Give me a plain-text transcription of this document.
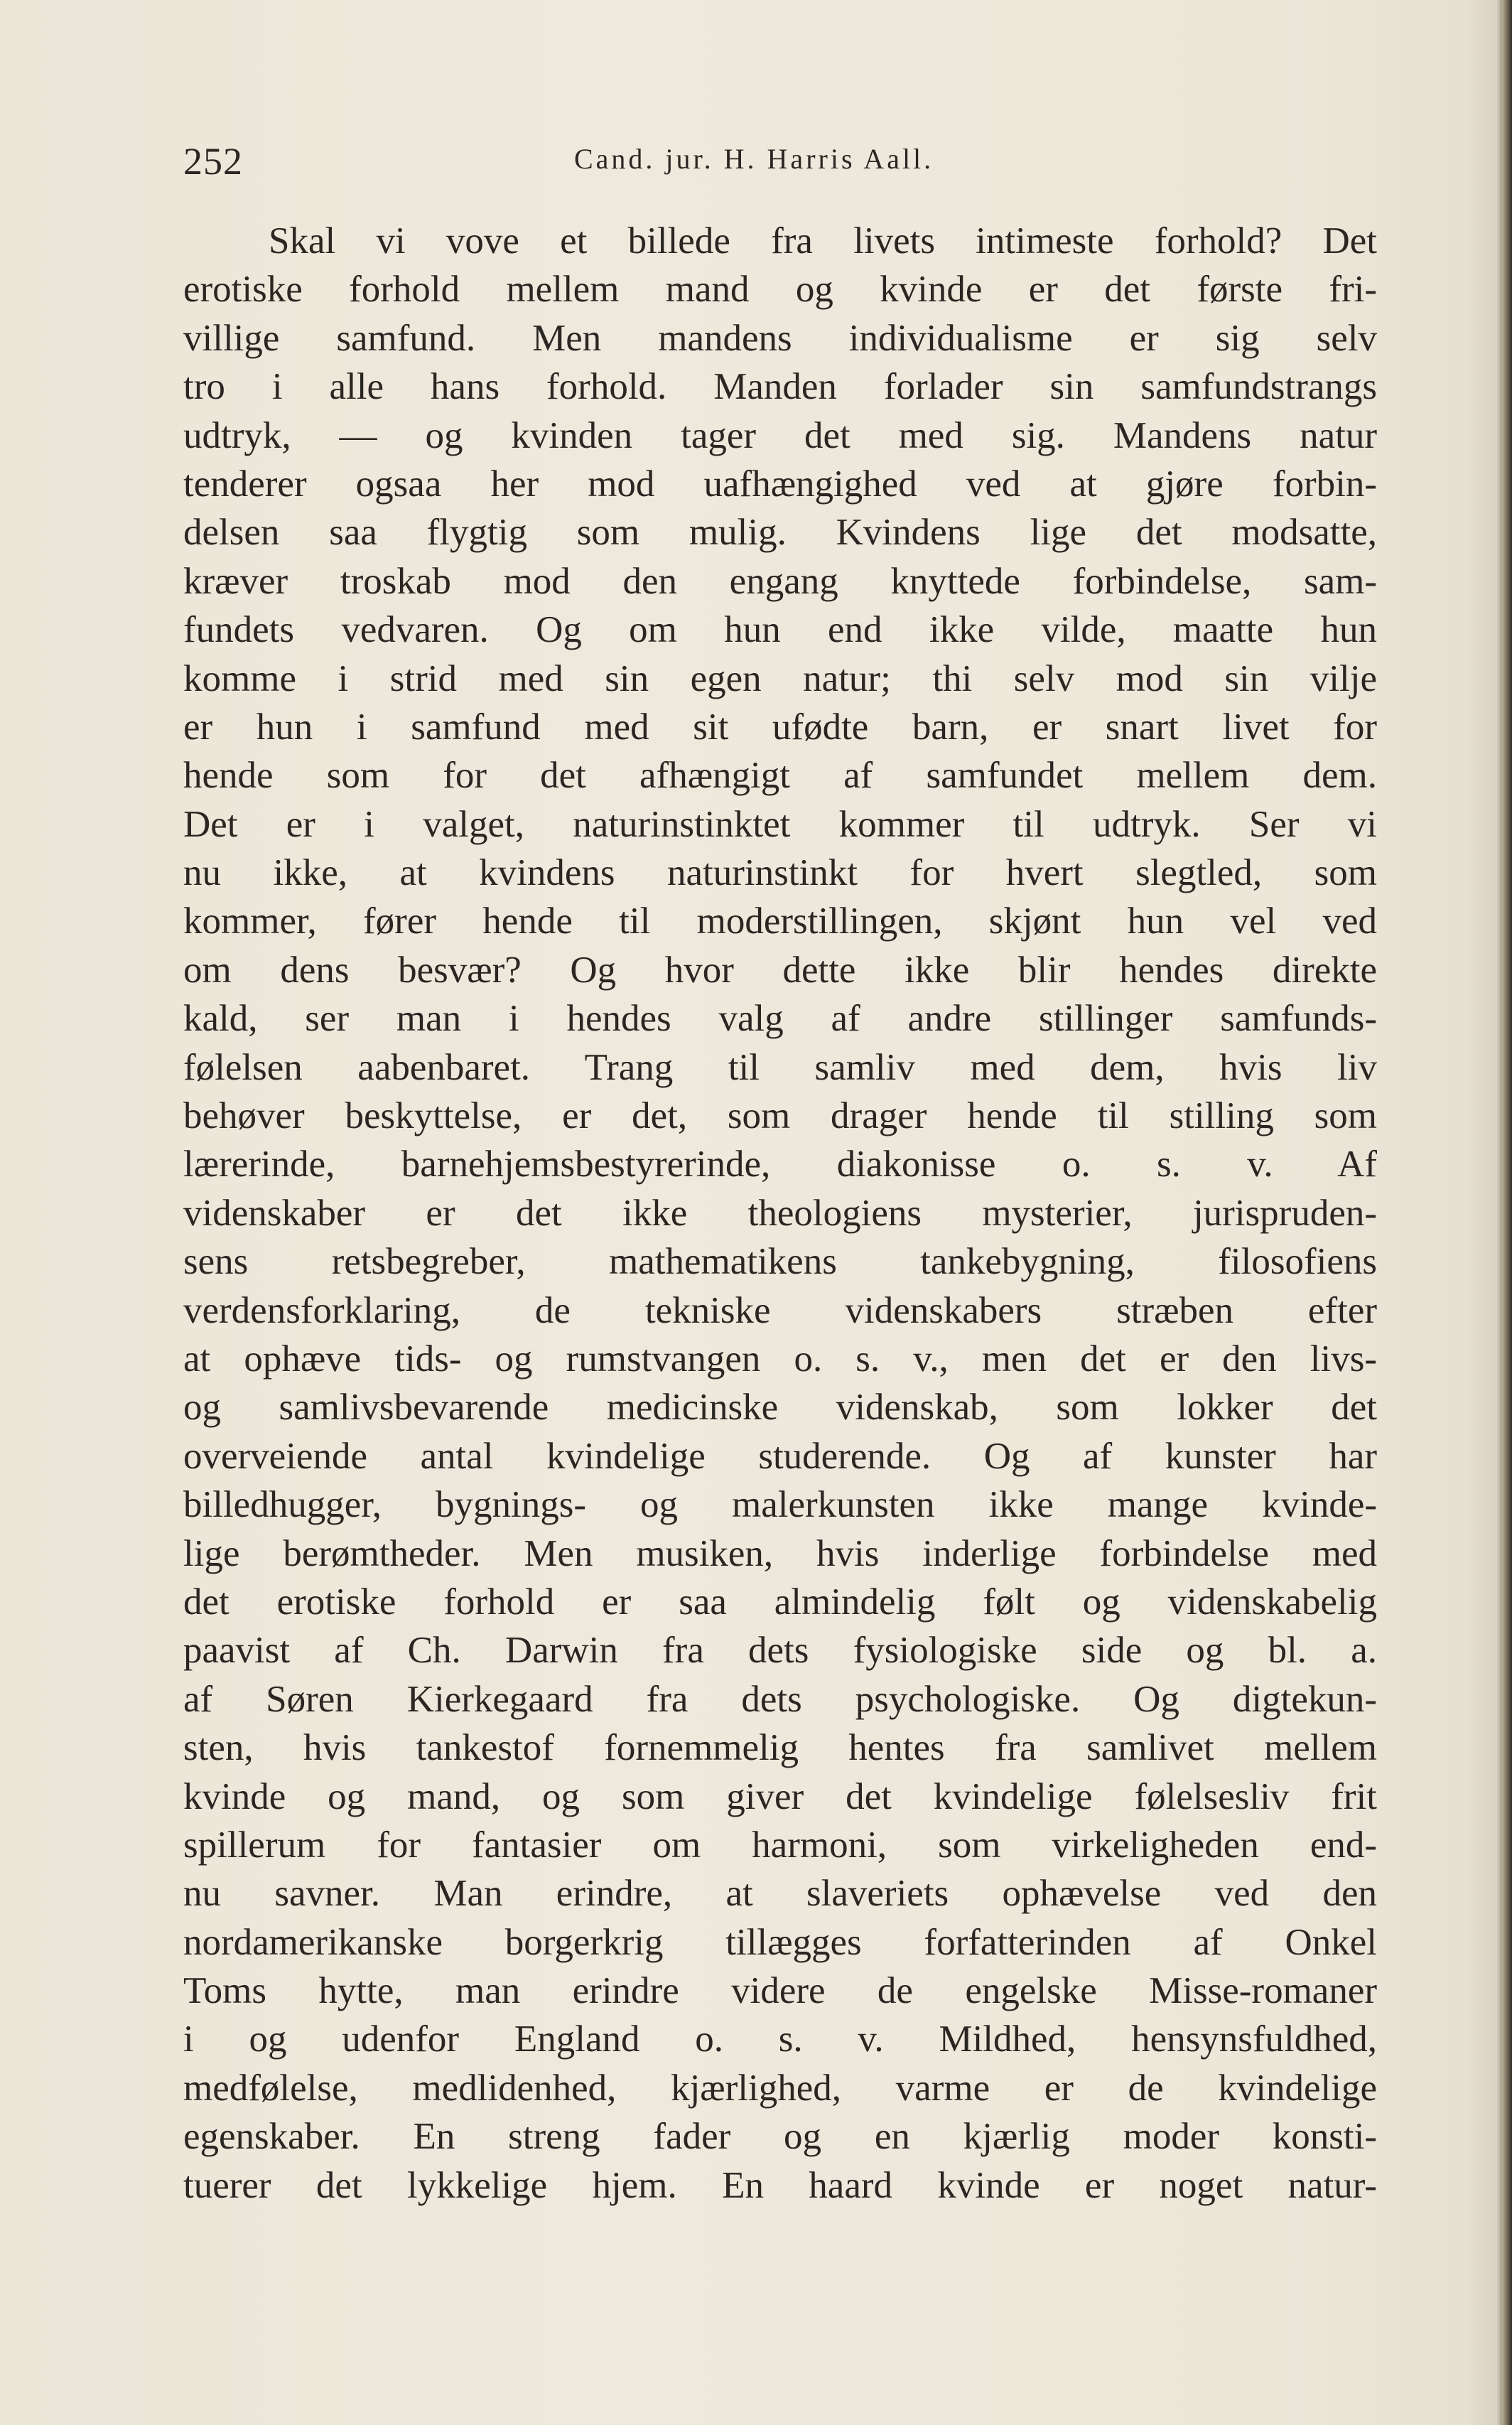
252	Cand. jur. H. Harris Aall.
Skal vi vove et billede fra livets intimeste forhold? Det
erotiske forhold mellem mand og kvinde er det første fri-
villige samfund. Men mandens individualisme er sig selv
tro i alle hans forhold. Manden forlader sin samfundstrangs
udtryk, — og kvinden tager det med sig. Mandens natur
tenderer ogsaa her mod uafhængighed ved at gjøre forbin-
delsen saa flygtig som mulig. Kvindens lige det modsatte,
kræver troskab mod den engang knyttede forbindelse, sam-
fundets vedvaren. Og om hun end ikke vilde, maatte hun
komme i strid med sin egen natur; thi selv mod sin vilje
er hun i samfund med sit ufødte barn, er snart livet for
hende som for det afhængigt af samfundet mellem dem.
Det er i valget, naturinstinktet kommer til udtryk. Ser vi
nu ikke, at kvindens naturinstinkt for hvert slegtled, som
kommer, fører hende til moderstillingen, skjønt hun vel ved
om dens besvær? Og hvor dette ikke blir hendes direkte
kald, ser man i hendes valg af andre stillinger samfunds-
følelsen aabenbaret. Trang til samliv med dem, hvis liv
behøver beskyttelse, er det, som drager hende til stilling som
lærerinde, barnehjemsbestyrerinde, diakonisse o. s. v. Af
videnskaber er det ikke theologiens mysterier, jurispruden-
sens retsbegreber, mathematikens tankebygning, filosofiens
verdensforklaring, de tekniske videnskabers stræben efter
at ophæve tids- og rumstvangen o. s. v., men det er den livs-
og samlivsbevarende medicinske videnskab, som lokker det
overveiende antal kvindelige studerende. Og af kunster har
billedhugger, bygnings- og malerkunsten ikke mange kvinde-
lige berømtheder. Men musiken, hvis inderlige forbindelse med
det erotiske forhold er saa almindelig følt og videnskabelig
paavist af Ch. Darwin fra dets fysiologiske side og bl. a.
af Søren Kierkegaard fra dets psychologiske. Og digtekun-
sten, hvis tankestof fornemmelig hentes fra samlivet mellem
kvinde og mand, og som giver det kvindelige følelsesliv frit
spillerum for fantasier om harmoni, som virkeligheden end-
nu savner. Man erindre, at slaveriets ophævelse ved den
nordamerikanske borgerkrig tillægges forfatterinden af Onkel
Toms hytte, man erindre videre de engelske Misse-romaner
i og udenfor England o. s. v. Mildhed, hensynsfuldhed,
medfølelse, medlidenhed, kjærlighed, varme er de kvindelige
egenskaber. En streng fader og en kjærlig moder konsti-
tuerer det lykkelige hjem. En haard kvinde er noget natur-
